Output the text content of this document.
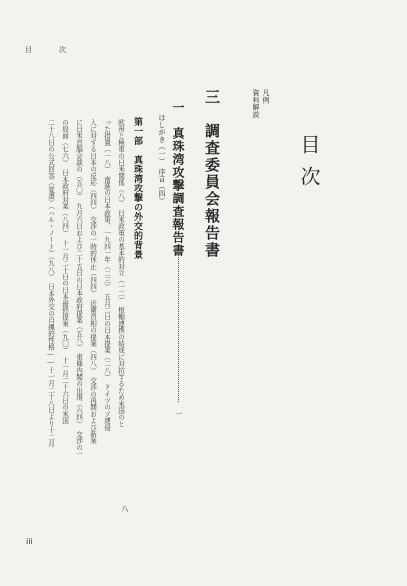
目　次
目次
凡例
資料解説
三　調査委員会報告書
一　真珠湾攻撃調査報告書
一
はしがき（一）　序言（四）
第一部　真珠湾攻撃の外交的背景
八
欧州と極東の日米関係（八）　日米政策の基本的対立（一二）　枢軸連携の結成に対抗するため米国のと
った措置（一八）　南進の日本政策、一九四一年（二三）　五月二日の日本提案（二八）　ドイツのソ連侵
入に対する日本の反応（四四）　交渉の一時的休止（四四）　近衛首相の提案（四八）　交渉の再開および新案
に日米首脳会談の（五〇）　九月六日および二十五日の日本政府提案（五八）　東條内閣の出現（六四）　交渉の一
の局面（七六）　日本政府対案（八四）　十一月二十日の日本最終提案（九〇）　十一月二十六日の米国
二十八日の公式回答（覚書）（ハル・ノート）（九八）　日本外交の自縄的性格――十一月二十八日より十二月
iii
